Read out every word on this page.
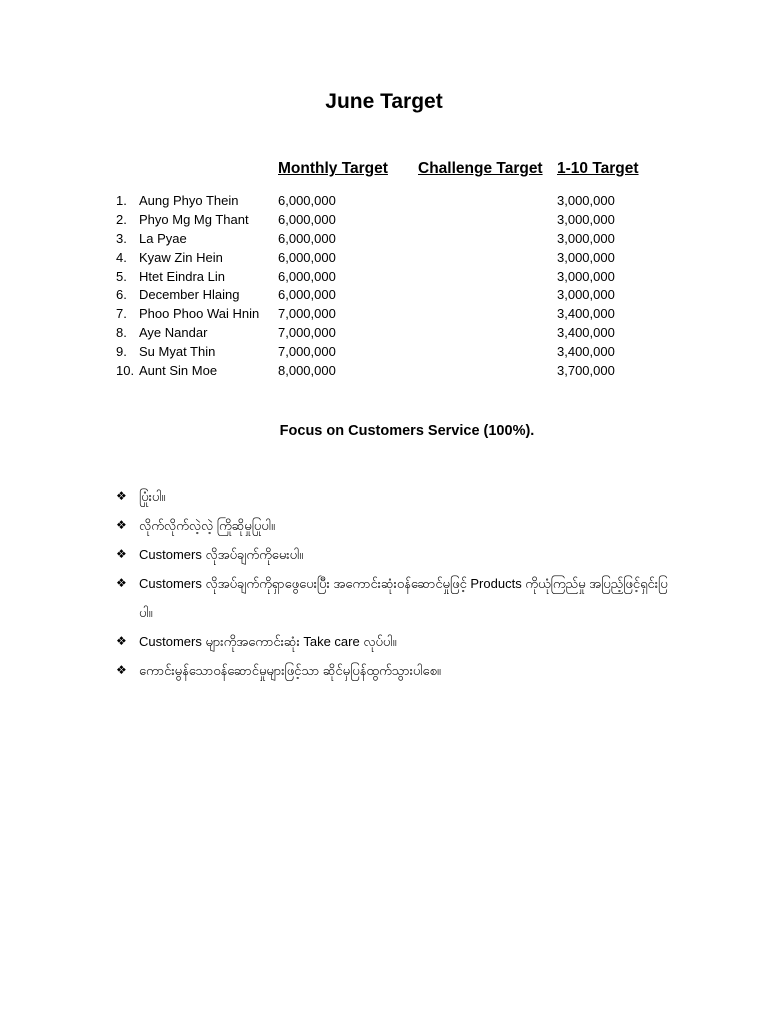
June Target
Monthly Target Challenge Target 1-10 Target
1. Aung Phyo Thein	6,000,000	3,000,000
2. Phyo Mg Mg Thant 6,000,000	3,000,000
3. La Pyae	6,000,000	3,000,000
4. Kyaw Zin Hein	6,000,000	3,000,000
5. Htet Eindra Lin	6,000,000	3,000,000
6. December Hlaing	6,000,000	3,000,000
7. Phoo Phoo Wai Hnin 7,000,000	3,400,000
8. Aye Nandar	7,000,000	3,400,000
9. Su Myat Thin	7,000,000	3,400,000
10. Aunt Sin Moe	8,000,000	3,700,000
Focus on Customers Service (100%).
❖ ပြုံးပါ။
❖ လိုက်လိုက်လဲ့လဲ့ ကြိုဆိုမှုပြုပါ။
❖ Customers လိုအပ်ချက်ကိုမေးပါ။
❖ Customers လိုအပ်ချက်ကိုရှာဖွေပေးပြီး အကောင်းဆုံးဝန်ဆောင်မှုဖြင့် Products ကိုယုံကြည်မှု အပြည့်ဖြင့်ရှင်းပြပါ။
❖ Customers များကိုအကောင်းဆုံး Take care လုပ်ပါ။
❖ ကောင်းမွန်သောဝန်ဆောင်မှုများဖြင့်သာ ဆိုင်မှပြန်ထွက်သွားပါစေ။
